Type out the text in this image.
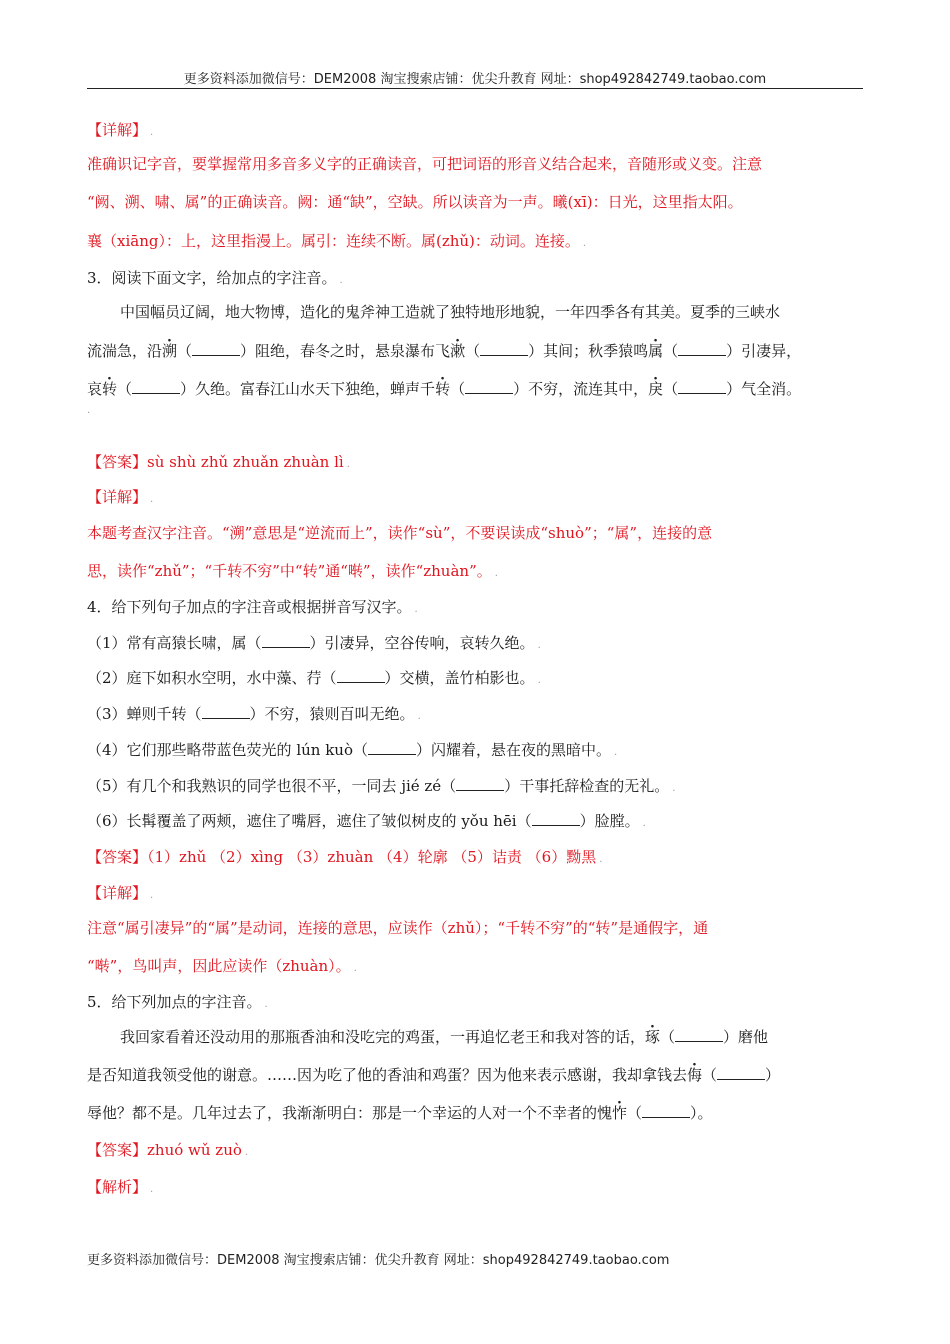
更多资料添加微信号：DEM2008 淘宝搜索店铺：优尖升教育 网址：shop492842749.taobao.com
【详解】 .
准确识记字音，要掌握常用多音多义字的正确读音，可把词语的形音义结合起来，音随形或义变。注意
“阙、溯、啸、属”的正确读音。阙：通“缺”，空缺。所以读音为一声。曦(xī)：日光，这里指太阳。
襄（xiāng）：上，这里指漫上。属引：连续不断。属(zhǔ)：动词。连接。 .
3．阅读下面文字，给加点的字注音。 .
中国幅员辽阔，地大物博，造化的鬼斧神工造就了独特地形地貌，一年四季各有其美。夏季的三峡水
流湍急，沿溯（	）阻绝，春冬之时，悬泉瀑布飞漱（	）其间；秋季猿鸣属（	）引凄异，
哀转（	）久绝。富春江山水天下独绝，蝉声千转（	）不穷，流连其中，戾（	）气全消。
.
【答案】sù shù zhǔ zhuǎn zhuàn lì .
【详解】 .
本题考查汉字注音。“溯”意思是“逆流而上”，读作“sù”，不要误读成“shuò”；“属”，连接的意
思，读作“zhǔ”；“千转不穷”中“转”通“啭”，读作“zhuàn”。 .
4．给下列句子加点的字注音或根据拼音写汉字。 .
（1）常有高猿长啸，属（	）引凄异，空谷传响，哀转久绝。 .
（2）庭下如积水空明，水中藻、荇（	）交横，盖竹柏影也。 .
（3）蝉则千转（	）不穷，猿则百叫无绝。 .
（4）它们那些略带蓝色荧光的 lún kuò（	）闪耀着，悬在夜的黑暗中。 .
（5）有几个和我熟识的同学也很不平，一同去 jié zé（	）干事托辞检查的无礼。 .
（6）长髯覆盖了两颊，遮住了嘴唇，遮住了皱似树皮的 yǒu hēi（	）脸膛。 .
【答案】（1）zhǔ （2）xìng （3）zhuàn （4）轮廓 （5）诘责 （6）黝黑 .
【详解】 .
注意“属引凄异”的“属”是动词，连接的意思，应读作（zhǔ）；“千转不穷”的“转”是通假字，通
“啭”，鸟叫声，因此应读作（zhuàn）。 .
5．给下列加点的字注音。 .
我回家看着还没动用的那瓶香油和没吃完的鸡蛋，一再追忆老王和我对答的话，琢（	）磨他
是否知道我领受他的谢意。……因为吃了他的香油和鸡蛋？因为他来表示感谢，我却拿钱去侮（	）
辱他？都不是。几年过去了，我渐渐明白：那是一个幸运的人对一个不幸者的愧怍（	）。
【答案】zhuó wǔ zuò .
【解析】 .
更多资料添加微信号：DEM2008 淘宝搜索店铺：优尖升教育 网址：shop492842749.taobao.com
